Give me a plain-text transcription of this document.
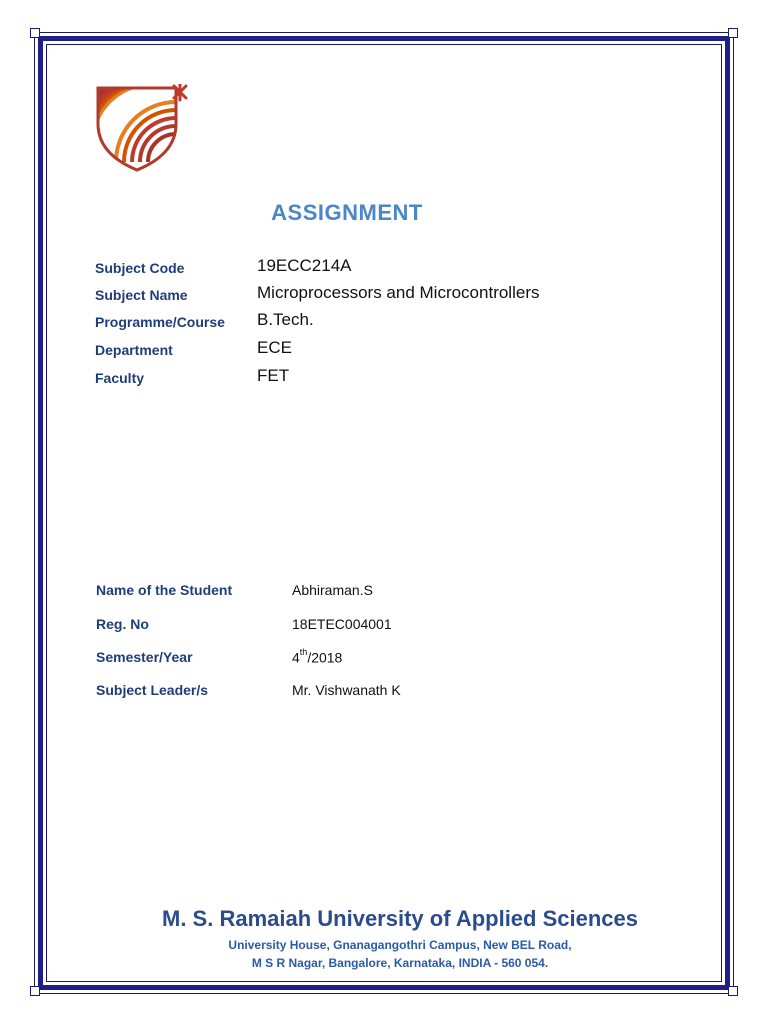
ASSIGNMENT
Subject Code	19ECC214A
Subject Name	Microprocessors and Microcontrollers
Programme/Course	B.Tech.
Department	ECE
Faculty	FET
Name of the Student	Abhiraman.S
Reg. No	18ETEC004001
Semester/Year	4th/2018
Subject Leader/s	Mr. Vishwanath K
M. S. Ramaiah University of Applied Sciences
University House, Gnanagangothri Campus, New BEL Road,
M S R Nagar, Bangalore, Karnataka, INDIA - 560 054.
